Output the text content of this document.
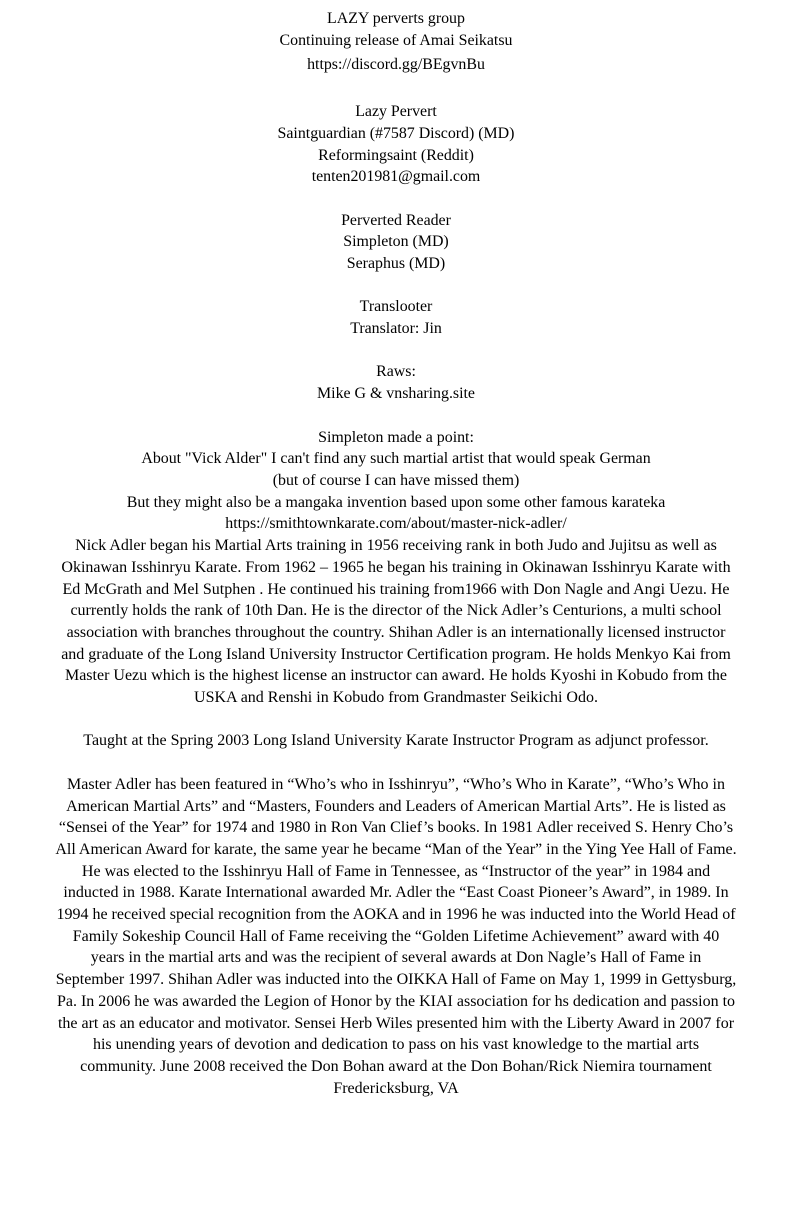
LAZY perverts group
Continuing release of Amai Seikatsu
https://discord.gg/BEgvnBu
Lazy Pervert
Saintguardian (#7587 Discord) (MD)
Reformingsaint (Reddit)
tenten201981@gmail.com
Perverted Reader
Simpleton (MD)
Seraphus (MD)
Translooter
Translator: Jin
Raws:
Mike G & vnsharing.site
Simpleton made a point:
About "Vick Alder" I can't find any such martial artist that would speak German
(but of course I can have missed them)
But they might also be a mangaka invention based upon some other famous karateka
https://smithtownkarate.com/about/master-nick-adler/
Nick Adler began his Martial Arts training in 1956 receiving rank in both Judo and Jujitsu as well as
Okinawan Isshinryu Karate. From 1962 – 1965 he began his training in Okinawan Isshinryu Karate with
Ed McGrath and Mel Sutphen . He continued his training from1966 with Don Nagle and Angi Uezu. He
currently holds the rank of 10th Dan. He is the director of the Nick Adler’s Centurions, a multi school
association with branches throughout the country. Shihan Adler is an internationally licensed instructor
and graduate of the Long Island University Instructor Certification program. He holds Menkyo Kai from
Master Uezu which is the highest license an instructor can award. He holds Kyoshi in Kobudo from the
USKA and Renshi in Kobudo from Grandmaster Seikichi Odo.
Taught at the Spring 2003 Long Island University Karate Instructor Program as adjunct professor.
Master Adler has been featured in “Who’s who in Isshinryu”, “Who’s Who in Karate”, “Who’s Who in
American Martial Arts” and “Masters, Founders and Leaders of American Martial Arts”. He is listed as
“Sensei of the Year” for 1974 and 1980 in Ron Van Clief’s books. In 1981 Adler received S. Henry Cho’s
All American Award for karate, the same year he became “Man of the Year” in the Ying Yee Hall of Fame.
He was elected to the Isshinryu Hall of Fame in Tennessee, as “Instructor of the year” in 1984 and
inducted in 1988. Karate International awarded Mr. Adler the “East Coast Pioneer’s Award”, in 1989. In
1994 he received special recognition from the AOKA and in 1996 he was inducted into the World Head of
Family Sokeship Council Hall of Fame receiving the “Golden Lifetime Achievement” award with 40
years in the martial arts and was the recipient of several awards at Don Nagle’s Hall of Fame in
September 1997. Shihan Adler was inducted into the OIKKA Hall of Fame on May 1, 1999 in Gettysburg,
Pa. In 2006 he was awarded the Legion of Honor by the KIAI association for hs dedication and passion to
the art as an educator and motivator. Sensei Herb Wiles presented him with the Liberty Award in 2007 for
his unending years of devotion and dedication to pass on his vast knowledge to the martial arts
community. June 2008 received the Don Bohan award at the Don Bohan/Rick Niemira tournament
Fredericksburg, VA
